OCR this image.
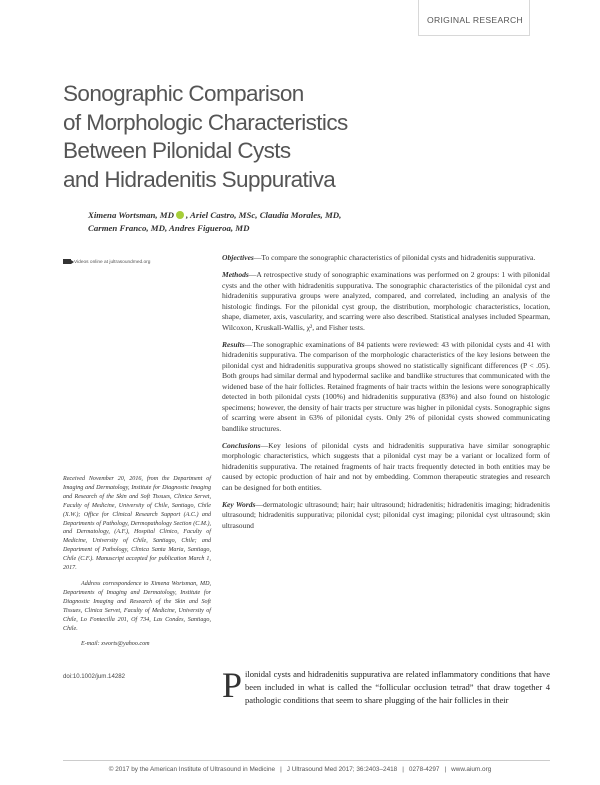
ORIGINAL RESEARCH
Sonographic Comparison
of Morphologic Characteristics
Between Pilonidal Cysts
and Hidradenitis Suppurativa
Ximena Wortsman, MD , Ariel Castro, MSc, Claudia Morales, MD,
Carmen Franco, MD, Andres Figueroa, MD
Videos online at jultrasoundmed.org

Objectives—To compare the sonographic characteristics of pilonidal cysts and hidradenitis suppurativa.

Methods—A retrospective study of sonographic examinations was performed on 2 groups: 1 with pilonidal cysts and the other with hidradenitis suppurativa. The sonographic characteristics of the pilonidal cyst and hidradenitis suppurativa groups were analyzed, compared, and correlated, including an analysis of the histologic findings. For the pilonidal cyst group, the distribution, morphologic characteristics, location, shape, diameter, axis, vascularity, and scarring were also described. Statistical analyses included Spearman, Wilcoxon, Kruskall-Wallis, χ², and Fisher tests.

Results—The sonographic examinations of 84 patients were reviewed: 43 with pilonidal cysts and 41 with hidradenitis suppurativa. The comparison of the morphologic characteristics of the key lesions between the pilonidal cyst and hidradenitis suppurativa groups showed no statistically significant differences (P < .05). Both groups had similar dermal and hypodermal saclike and bandlike structures that communicated with the widened base of the hair follicles. Retained fragments of hair tracts within the lesions were sonographically detected in both pilonidal cysts (100%) and hidradenitis suppurativa (83%) and also found on histologic specimens; however, the density of hair tracts per structure was higher in pilonidal cysts. Sonographic signs of scarring were absent in 63% of pilonidal cysts. Only 2% of pilonidal cysts showed communicating bandlike structures.

Conclusions—Key lesions of pilonidal cysts and hidradenitis suppurativa have similar sonographic morphologic characteristics, which suggests that a pilonidal cyst may be a variant or localized form of hidradenitis suppurativa. The retained fragments of hair tracts frequently detected in both entities may be caused by ectopic production of hair and not by embedding. Common therapeutic strategies and research can be designed for both entities.

Key Words—dermatologic ultrasound; hair; hair ultrasound; hidradenitis; hidradenitis imaging; hidradenitis ultrasound; hidradenitis suppurativa; pilonidal cyst; pilonidal cyst imaging; pilonidal cyst ultrasound; skin ultrasound

Received November 20, 2016, from the Department of Imaging and Dermatology, Institute for Diagnostic Imaging and Research of the Skin and Soft Tissues, Clinica Servet, Faculty of Medicine, University of Chile, Santiago, Chile (X.W.); Office for Clinical Research Support (A.C.) and Departments of Pathology, Dermopathology Section (C.M.), and Dermatology, (A.F.), Hospital Clinico, Faculty of Medicine, University of Chile, Santiago, Chile; and Department of Pathology, Clinica Santa Maria, Santiago, Chile (C.F.). Manuscript accepted for publication March 1, 2017.

Address correspondence to Ximena Wortsman, MD, Departments of Imaging and Dermatology, Institute for Diagnostic Imaging and Research of the Skin and Soft Tissues, Clinica Servet, Faculty of Medicine, University of Chile, Lo Fontecilla 201, Of 734, Las Condes, Santiago, Chile.

E-mail: xworts@yahoo.com

doi:10.1002/jum.14282	Pilonidal cysts and hidradenitis suppurativa are related inflammatory conditions that have been included in what is called the “follicular occlusion tetrad” that draw together 4 pathologic conditions that seem to share plugging of the hair follicles in their
© 2017 by the American Institute of Ultrasound in Medicine | J Ultrasound Med 2017; 36:2403–2418 | 0278-4297 | www.aium.org
